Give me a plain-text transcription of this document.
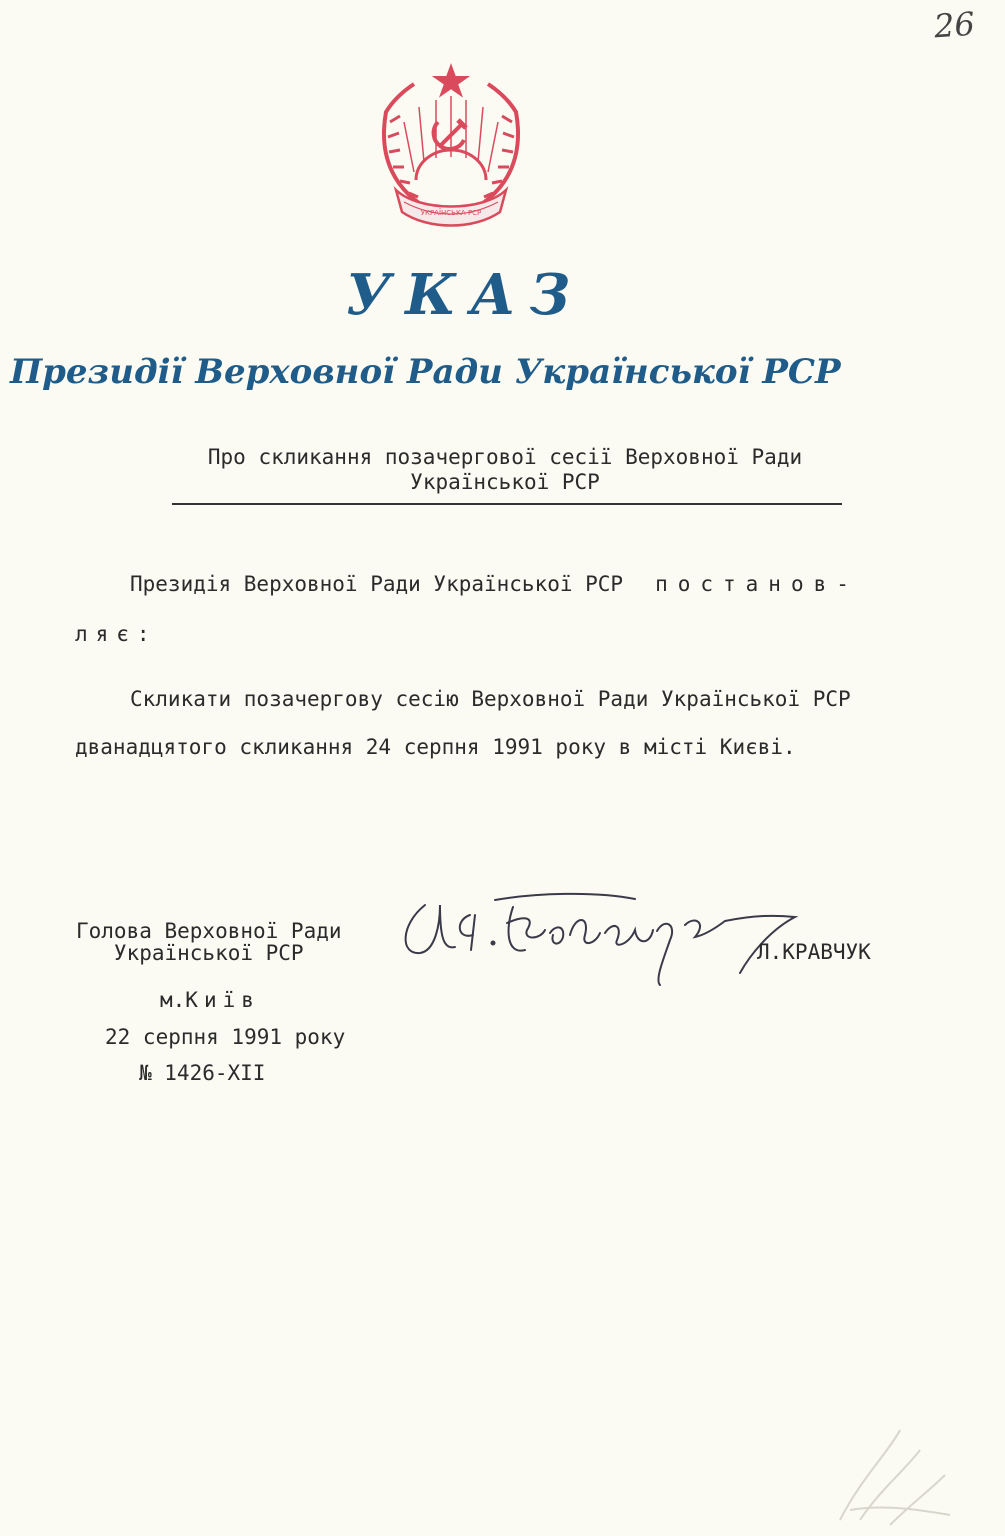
26
УКРАЇНСЬКА РСР
УКАЗ
Президії Верховної Ради Української РСР
Про скликання позачергової сесії Верховної Ради
Української РСР
Президія Верховної Ради Української РСР постанов-
ляє:
Скликати позачергову сесію Верховної Ради Української РСР
дванадцятого скликання 24 серпня 1991 року в місті Києві.
Голова Верховної Ради
Української РСР	Л.КРАВЧУК
м.Київ
22 серпня 1991 року
№ 1426-XII
